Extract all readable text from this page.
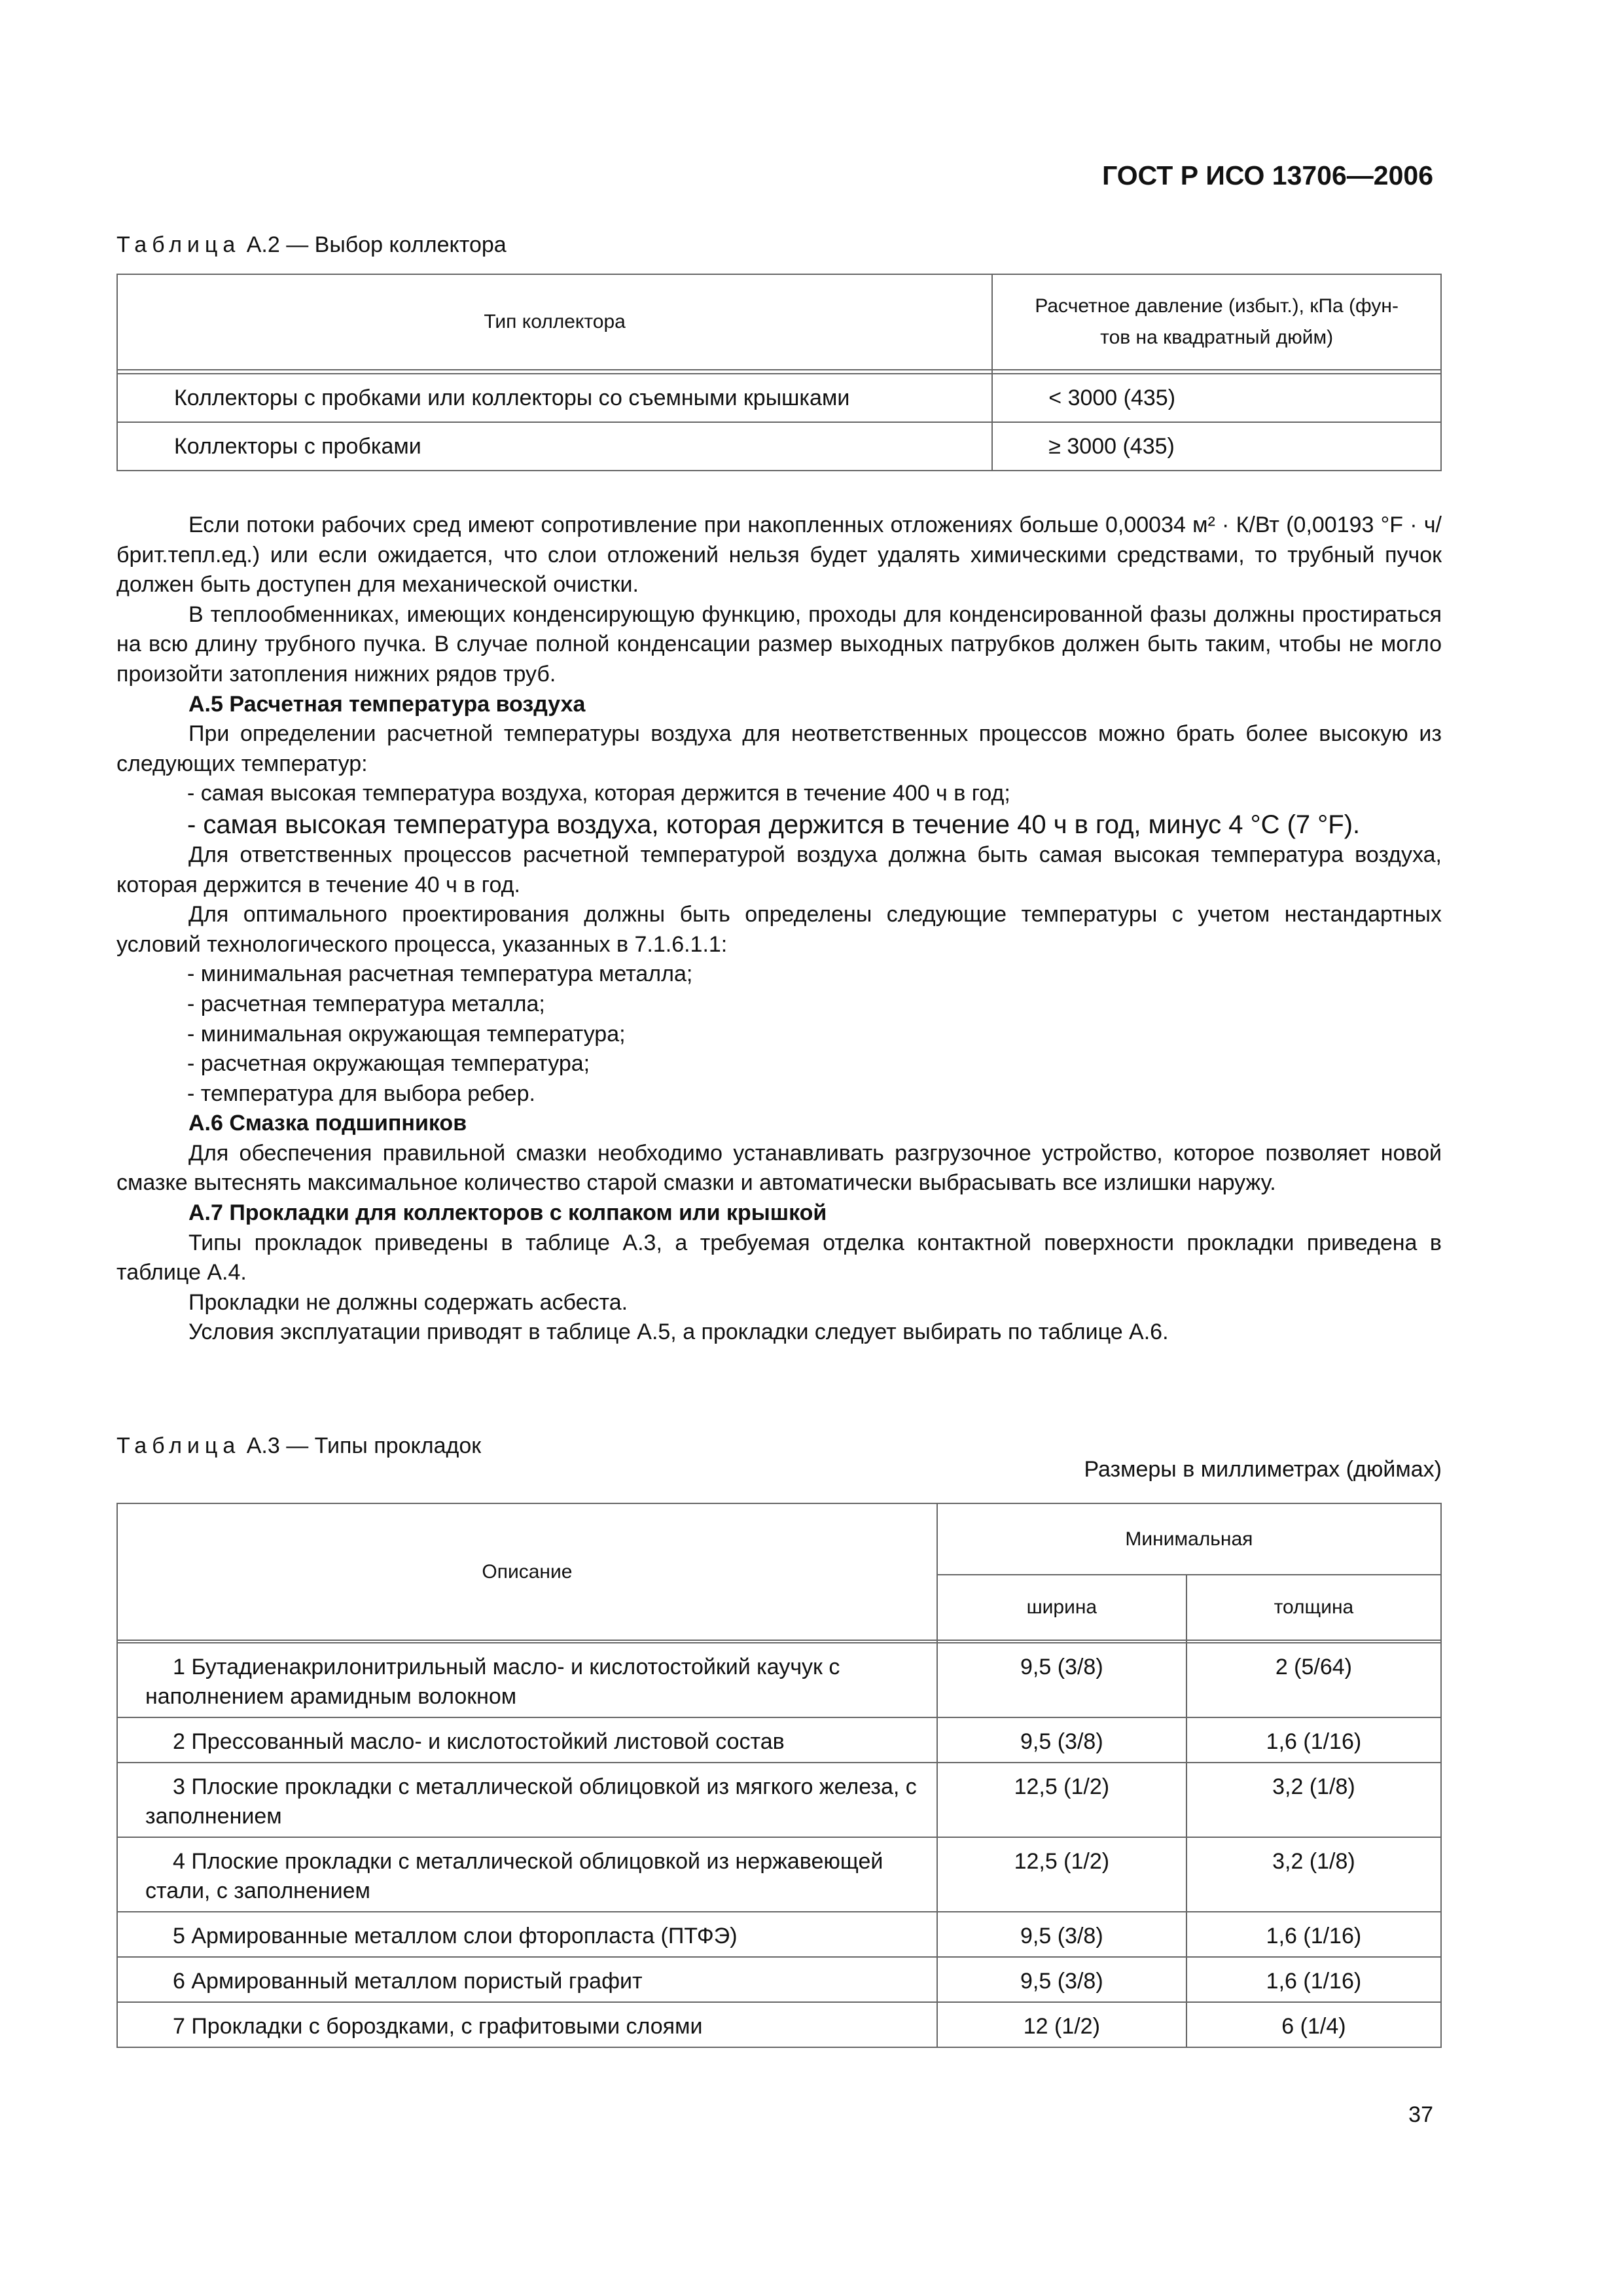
ГОСТ Р ИСО 13706—2006
Таблица А.2 — Выбор коллектора
Тип коллектора	Расчетное давление (избыт.), кПа (фун-
тов на квадратный дюйм)

Коллекторы с пробками или коллекторы со съемными крышками	< 3000 (435)
Коллекторы с пробками	≥ 3000 (435)

Если потоки рабочих сред имеют сопротивление при накопленных отложениях больше 0,00034 м² · К/Вт (0,00193 °F · ч/брит.тепл.ед.) или если ожидается, что слои отложений нельзя будет удалять химическими средствами, то трубный пучок должен быть доступен для механической очистки.

В теплообменниках, имеющих конденсирующую функцию, проходы для конденсированной фазы должны простираться на всю длину трубного пучка. В случае полной конденсации размер выходных патрубков должен быть таким, чтобы не могло произойти затопления нижних рядов труб.

А.5 Расчетная температура воздуха

При определении расчетной температуры воздуха для неответственных процессов можно брать более высокую из следующих температур:

- самая высокая температура воздуха, которая держится в течение 400 ч в год;

- самая высокая температура воздуха, которая держится в течение 40 ч в год, минус 4 °C (7 °F).

Для ответственных процессов расчетной температурой воздуха должна быть самая высокая температура воздуха, которая держится в течение 40 ч в год.

Для оптимального проектирования должны быть определены следующие температуры с учетом нестандартных условий технологического процесса, указанных в 7.1.6.1.1:

- минимальная расчетная температура металла;

- расчетная температура металла;

- минимальная окружающая температура;

- расчетная окружающая температура;

- температура для выбора ребер.

А.6 Смазка подшипников

Для обеспечения правильной смазки необходимо устанавливать разгрузочное устройство, которое позволяет новой смазке вытеснять максимальное количество старой смазки и автоматически выбрасывать все излишки наружу.

А.7 Прокладки для коллекторов с колпаком или крышкой

Типы прокладок приведены в таблице А.3, а требуемая отделка контактной поверхности прокладки приведена в таблице А.4.

Прокладки не должны содержать асбеста.

Условия эксплуатации приводят в таблице А.5, а прокладки следует выбирать по таблице А.6.

Таблица А.3 — Типы прокладок
Размеры в миллиметрах (дюймах)
Описание	Минимальная	
	ширина	толщина

1 Бутадиенакрилонитрильный масло- и кислотостойкий каучук с наполнением арамидным волокном	9,5 (3/8)	2 (5/64)
2 Прессованный масло- и кислотостойкий листовой состав	9,5 (3/8)	1,6 (1/16)
3 Плоские прокладки с металлической облицовкой из мягкого железа, с заполнением	12,5 (1/2)	3,2 (1/8)
4 Плоские прокладки с металлической облицовкой из нержавеющей стали, с заполнением	12,5 (1/2)	3,2 (1/8)
5 Армированные металлом слои фторопласта (ПТФЭ)	9,5 (3/8)	1,6 (1/16)
6 Армированный металлом пористый графит	9,5 (3/8)	1,6 (1/16)
7 Прокладки с бороздками, с графитовыми слоями	12 (1/2)	6 (1/4)
37
